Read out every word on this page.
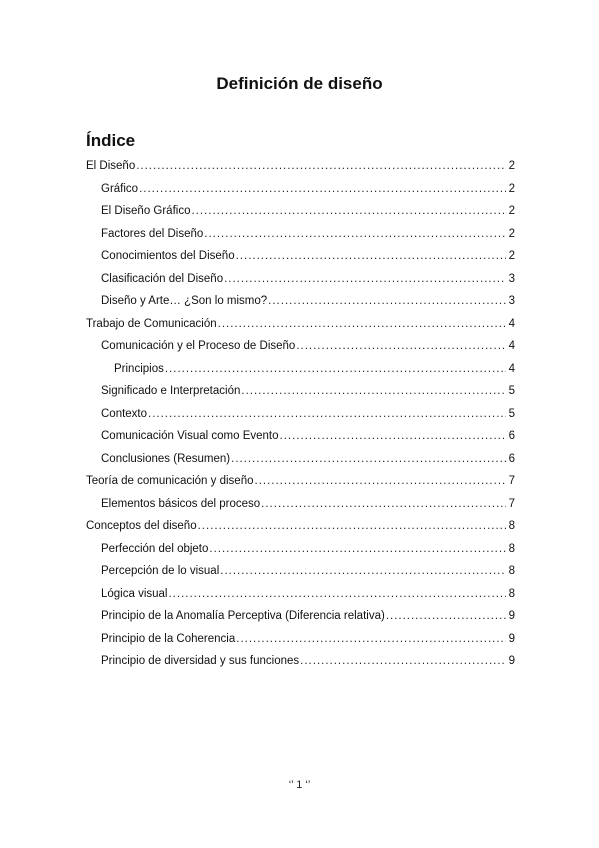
Definición de diseño
Índice
El Diseño .....	2
Gráfico .....	2
El Diseño Gráfico .....	2
Factores del Diseño .....	2
Conocimientos del Diseño .....	2
Clasificación del Diseño .....	3
Diseño y Arte… ¿Son lo mismo? .....	3
Trabajo de Comunicación .....	4
Comunicación y el Proceso de Diseño .....	4
Principios .....	4
Significado e Interpretación .....	5
Contexto .....	5
Comunicación Visual como Evento .....	6
Conclusiones (Resumen) .....	6
Teoría de comunicación y diseño .....	7
Elementos básicos del proceso .....	7
Conceptos del diseño .....	8
Perfección del objeto .....	8
Percepción de lo visual .....	8
Lógica visual .....	8
Principio de la Anomalía Perceptiva (Diferencia relativa) .....	9
Principio de la Coherencia .....	9
Principio de diversidad y sus funciones .....	9
‘’ 1 ‘’
